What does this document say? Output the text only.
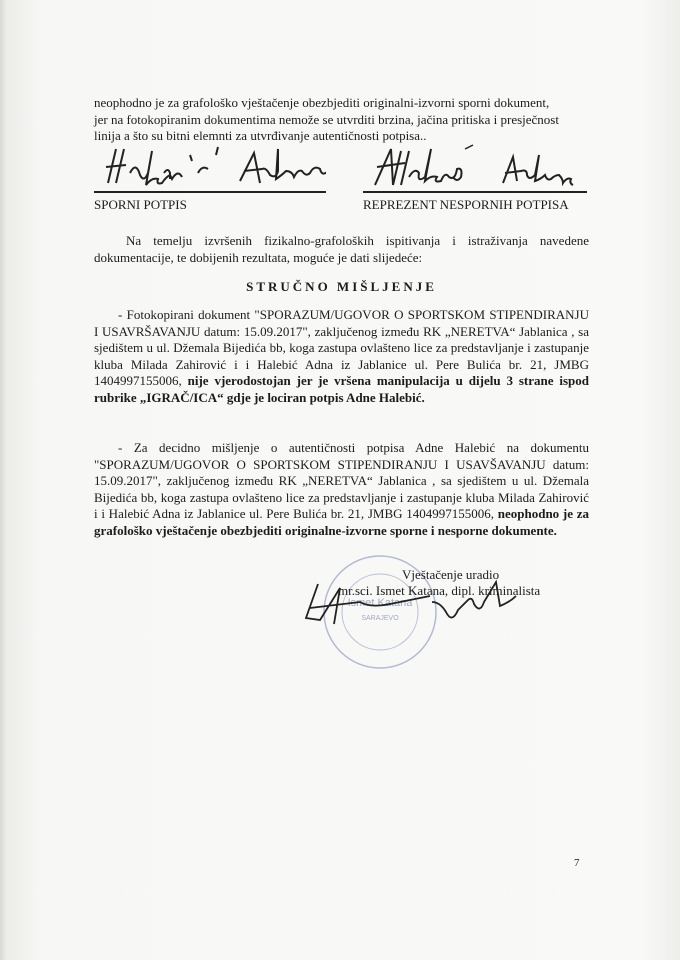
neophodno je za grafološko vještačenje obezbjediti originalni-izvorni sporni dokument,
jer na fotokopiranim dokumentima nemože se utvrditi brzina, jačina pritiska i presječnost
linija a što su bitni elemnti za utvrđivanje autentičnosti potpisa..
SPORNI POTPIS	REPREZENT NESPORNIH POTPISA
Na temelju izvršenih fizikalno-grafoloških ispitivanja i istraživanja navedene dokumentacije, te dobijenih rezultata, moguće je dati slijedeće:
STRUČNO MIŠLJENJE
- Fotokopirani dokument "SPORAZUM/UGOVOR O SPORTSKOM STIPENDIRANJU I USAVRŠAVANJU datum: 15.09.2017", zaključenog između RK „NERETVA“ Jablanica , sa sjedištem u ul. Džemala Bijedića bb, koga zastupa ovlašteno lice za predstavljanje i zastupanje kluba Milada Zahirović i i Halebić Adna iz Jablanice ul. Pere Bulića br. 21, JMBG 1404997155006, nije vjerodostojan jer je vršena manipulacija u dijelu 3 strane ispod rubrike „IGRAČ/ICA“ gdje je lociran potpis Adne Halebić.
- Za decidno mišljenje o autentičnosti potpisa Adne Halebić na dokumentu "SPORAZUM/UGOVOR O SPORTSKOM STIPENDIRANJU I USAVŠAVANJU datum: 15.09.2017", zaključenog između RK „NERETVA“ Jablanica , sa sjedištem u ul. Džemala Bijedića bb, koga zastupa ovlašteno lice za predstavljanje i zastupanje kluba Milada Zahirović i i Halebić Adna iz Jablanice ul. Pere Bulića br. 21, JMBG 1404997155006, neophodno je za grafološko vještačenje obezbjediti originalne-izvorne sporne i nesporne dokumente.
Ismet Katana
SARAJEVO
Vještačenje uradio
mr.sci. Ismet Katana, dipl. kriminalista
7
